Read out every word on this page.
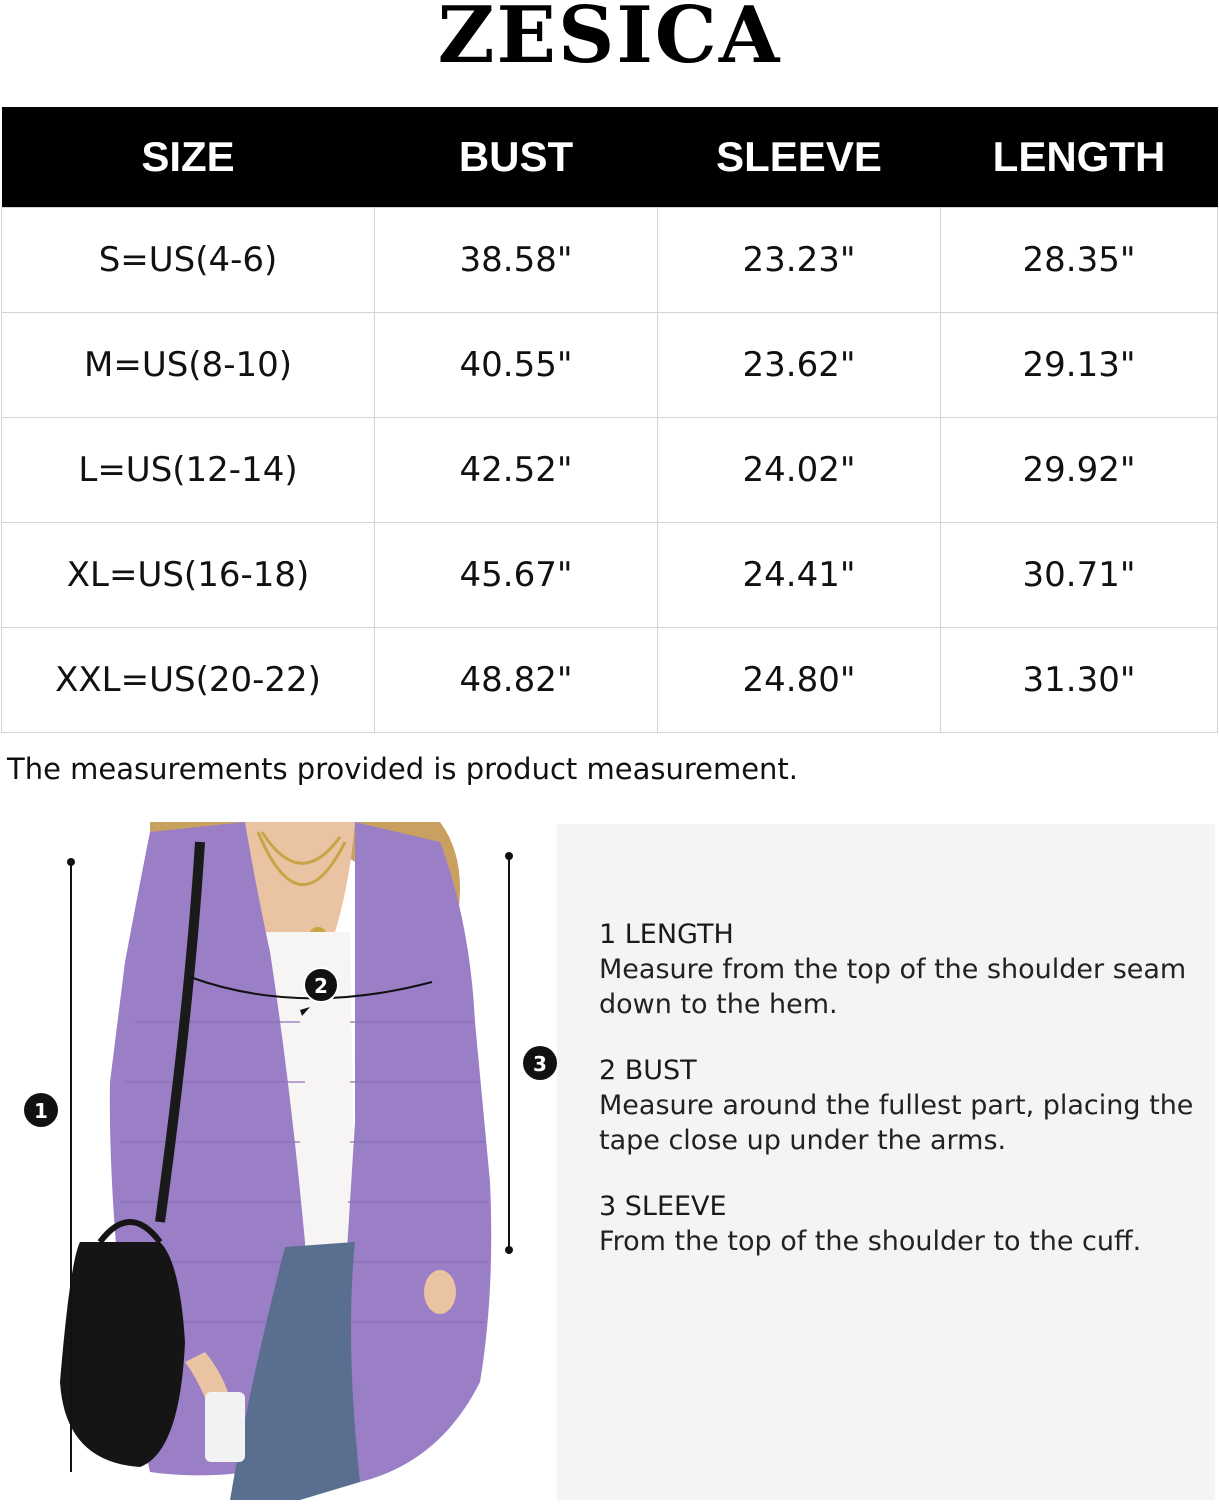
ZESICA
SIZE	BUST	SLEEVE	LENGTH
S=US(4-6)	38.58"	23.23"	28.35"
M=US(8-10)	40.55"	23.62"	29.13"
L=US(12-14)	42.52"	24.02"	29.92"
XL=US(16-18)	45.67"	24.41"	30.71"
XXL=US(20-22)	48.82"	24.80"	31.30"
The measurements provided is product measurement.
1
2
3
1 LENGTH
Measure from the top of the shoulder seam down to the hem.
2 BUST
Measure around the fullest part, placing the tape close up under the arms.
3 SLEEVE
From the top of the shoulder to the cuff.
